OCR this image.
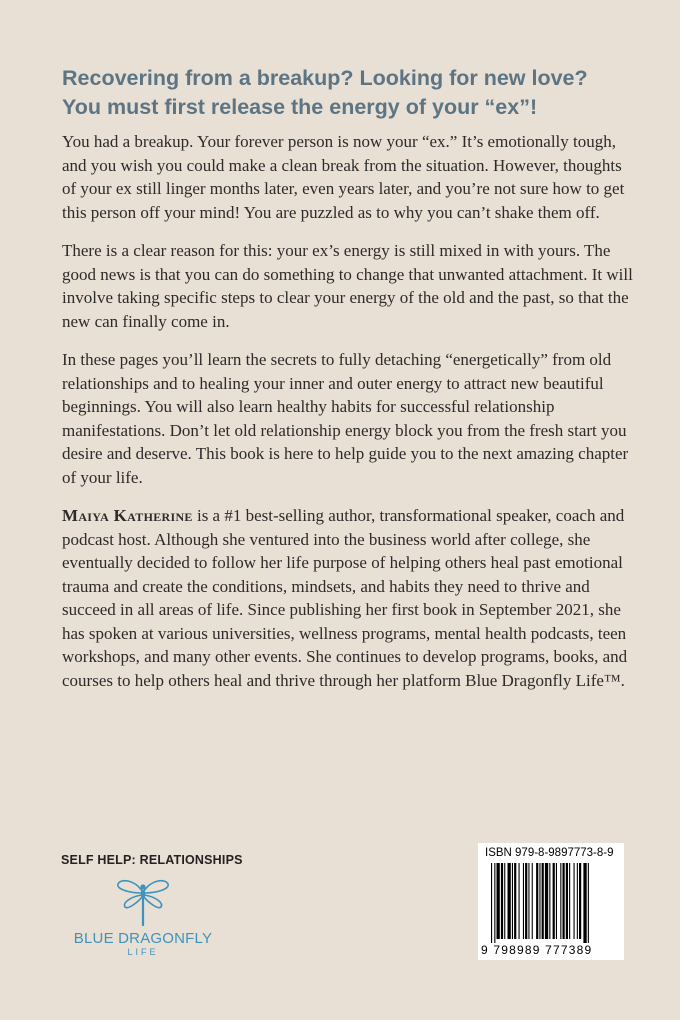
Recovering from a breakup? Looking for new love?
You must first release the energy of your “ex”!

You had a breakup. Your forever person is now your “ex.” It’s emotionally tough, and you wish you could make a clean break from the situation. However, thoughts of your ex still linger months later, even years later, and you’re not sure how to get this person off your mind! You are puzzled as to why you can’t shake them off.

There is a clear reason for this: your ex’s energy is still mixed in with yours. The good news is that you can do something to change that unwanted attachment. It will involve taking specific steps to clear your energy of the old and the past, so that the new can finally come in.

In these pages you’ll learn the secrets to fully detaching “energetically” from old relationships and to healing your inner and outer energy to attract new beautiful beginnings. You will also learn healthy habits for successful relationship manifestations. Don’t let old relationship energy block you from the fresh start you desire and deserve. This book is here to help guide you to the next amazing chapter of your life.

Maiya Katherine is a #1 best-selling author, transformational speaker, coach and podcast host. Although she ventured into the business world after college, she eventually decided to follow her life purpose of helping others heal past emotional trauma and create the conditions, mindsets, and habits they need to thrive and succeed in all areas of life. Since publishing her first book in September 2021, she has spoken at various universities, wellness programs, mental health podcasts, teen workshops, and many other events. She continues to develop programs, books, and courses to help others heal and thrive through her platform Blue Dragonfly Life™.

SELF HELP: RELATIONSHIPS
BLUE DRAGONFLY
LIFE
ISBN 979-8-9897773-8-9
9 798989 777389
